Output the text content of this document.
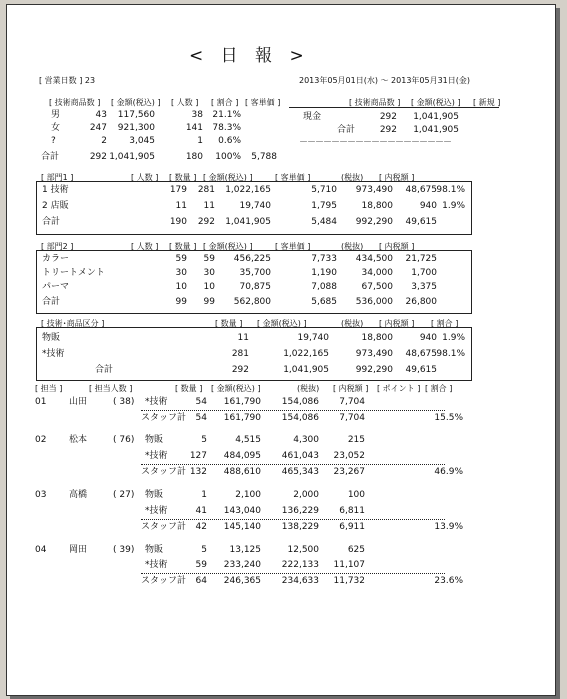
< 日 報 >
[ 営業日数 ] 23	2013年05月01日(水) ～ 2013年05月31日(金)
[ 技術商品数 ] [ 金額(税込) ] [ 人数 ] [ 割合 ] [ 客単価 ]
男	43	117,560	38	21.1%
女	247	921,300	141	78.3%
?	2	3,045	1	0.6%
合計	292 1,041,905	180	100%	5,788
[ 技術商品数 ] [ 金額(税込) ] [ 新規 ]
現金	292	1,041,905
合計	292	1,041,905
－－－－－－－－－－－－－－－－－－－
[ 部門1 ]	[ 人数 ] [ 数量 ] [ 金額(税込) ]	[ 客単価 ]	(税抜) [ 内税額 ]
1 技術	179	281	1,022,165	5,710	973,490	48,675 98.1%
2 店販	11	11	19,740	1,795	18,800	940 1.9%
合計	190	292	1,041,905	5,484	992,290	49,615
[ 部門2 ]	[ 人数 ] [ 数量 ] [ 金額(税込) ]	[ 客単価 ]	(税抜) [ 内税額 ]
カラー	59	59	456,225	7,733	434,500	21,725
トリートメント	30	30	35,700	1,190	34,000	1,700
パーマ	10	10	70,875	7,088	67,500	3,375
合計	99	99	562,800	5,685	536,000	26,800
[ 技術･商品区分 ]	[ 数量 ] [ 金額(税込) ]	(税抜) [ 内税額 ] [ 割合 ]
物販	11	19,740	18,800	940 1.9%
*技術	281	1,022,165	973,490	48,675 98.1%
合計	292	1,041,905	992,290	49,615
[ 担当 ]	[ 担当人数 ]	[ 数量 ] [ 金額(税込) ]	(税抜) [ 内税額 ] [ ポイント ] [ 割合 ]
01	山田	( 38) *技術	54	161,790	154,086	7,704
スタッフ計	54	161,790	154,086	7,704	15.5%
02	松本	( 76) 物販	5	4,515	4,300	215
*技術	127	484,095	461,043	23,052
スタッフ計 132	488,610	465,343	23,267	46.9%
03	高橋	( 27) 物販	1	2,100	2,000	100
*技術	41	143,040	136,229	6,811
スタッフ計	42	145,140	138,229	6,911	13.9%
04	岡田	( 39) 物販	5	13,125	12,500	625
*技術	59	233,240	222,133	11,107
スタッフ計	64	246,365	234,633	11,732	23.6%
